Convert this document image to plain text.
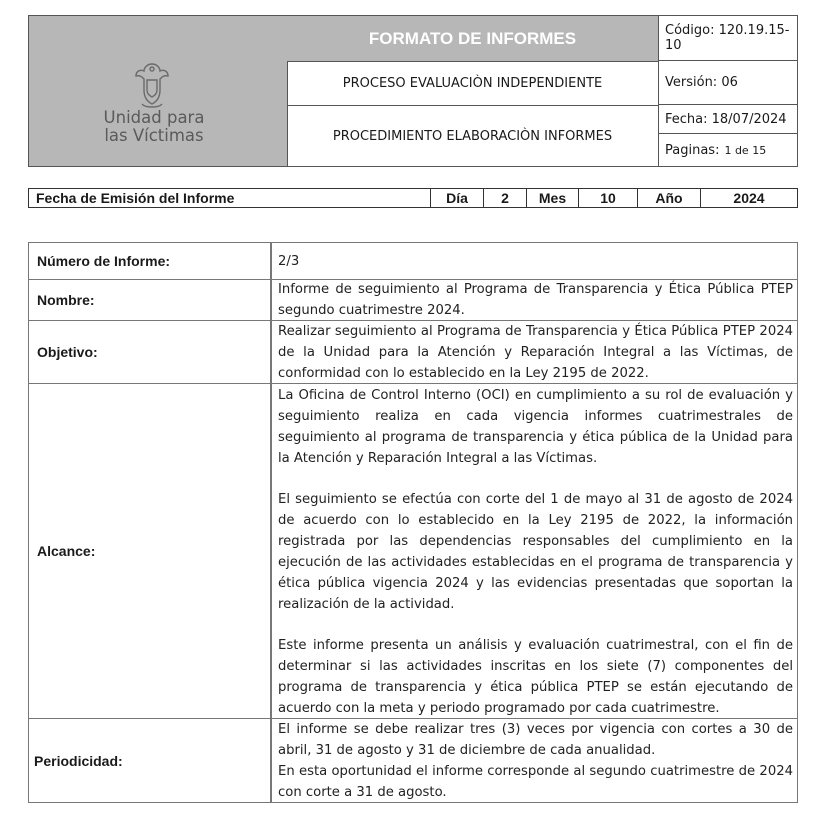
Unidad para
las Víctimas
FORMATO DE INFORMES
PROCESO EVALUACIÒN INDEPENDIENTE
PROCEDIMIENTO ELABORACIÒN INFORMES
Código: 120.19.15-10
Versión: 06
Fecha: 18/07/2024
Paginas: 1 de 15
Fecha de Emisión del Informe	Día	2	Mes	10	Año	2024
Número de Informe:	2/3
Nombre:
Informe de seguimiento al Programa de Transparencia y Ética Pública PTEP segundo cuatrimestre 2024.
Objetivo:
Realizar seguimiento al Programa de Transparencia y Ética Pública PTEP 2024 de la Unidad para la Atención y Reparación Integral a las Víctimas, de conformidad con lo establecido en la Ley 2195 de 2022.
Alcance:

La Oficina de Control Interno (OCI) en cumplimiento a su rol de evaluación y seguimiento realiza en cada vigencia informes cuatrimestrales de seguimiento al programa de transparencia y ética pública de la Unidad para la Atención y Reparación Integral a las Víctimas.

El seguimiento se efectúa con corte del 1 de mayo al 31 de agosto de 2024 de acuerdo con lo establecido en la Ley 2195 de 2022, la información registrada por las dependencias responsables del cumplimiento en la ejecución de las actividades establecidas en el programa de transparencia y ética pública vigencia 2024 y las evidencias presentadas que soportan la realización de la actividad.

Este informe presenta un análisis y evaluación cuatrimestral, con el fin de determinar si las actividades inscritas en los siete (7) componentes del programa de transparencia y ética pública PTEP se están ejecutando de acuerdo con la meta y periodo programado por cada cuatrimestre.

Periodicidad:

El informe se debe realizar tres (3) veces por vigencia con cortes a 30 de abril, 31 de agosto y 31 de diciembre de cada anualidad.

En esta oportunidad el informe corresponde al segundo cuatrimestre de 2024 con corte a 31 de agosto.
